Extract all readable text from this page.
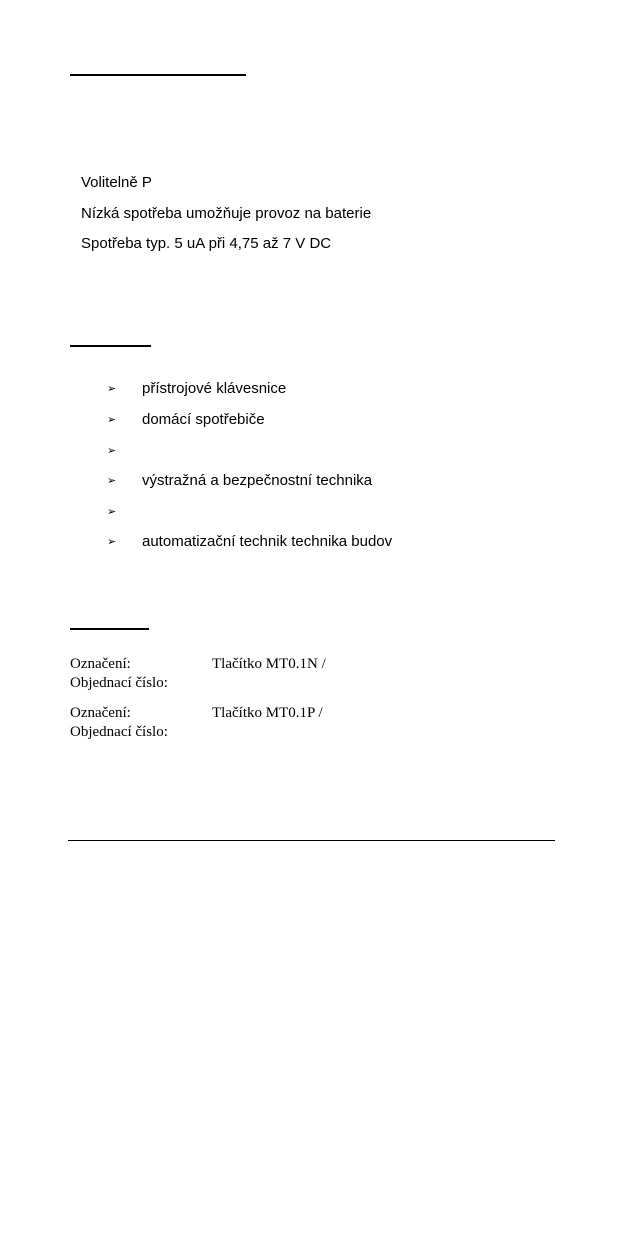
Volitelně P
Nízká spotřeba umožňuje provoz na baterie
Spotřeba typ. 5 uA při 4,75 až 7 V DC
➢ přístrojové klávesnice
➢ domácí spotřebiče
➢
➢ výstražná a bezpečnostní technika
➢
➢ automatizační technik technika budov
Označení:	Tlačítko MT0.1N /
Objednací číslo:
Označení:	Tlačítko MT0.1P /
Objednací číslo:
